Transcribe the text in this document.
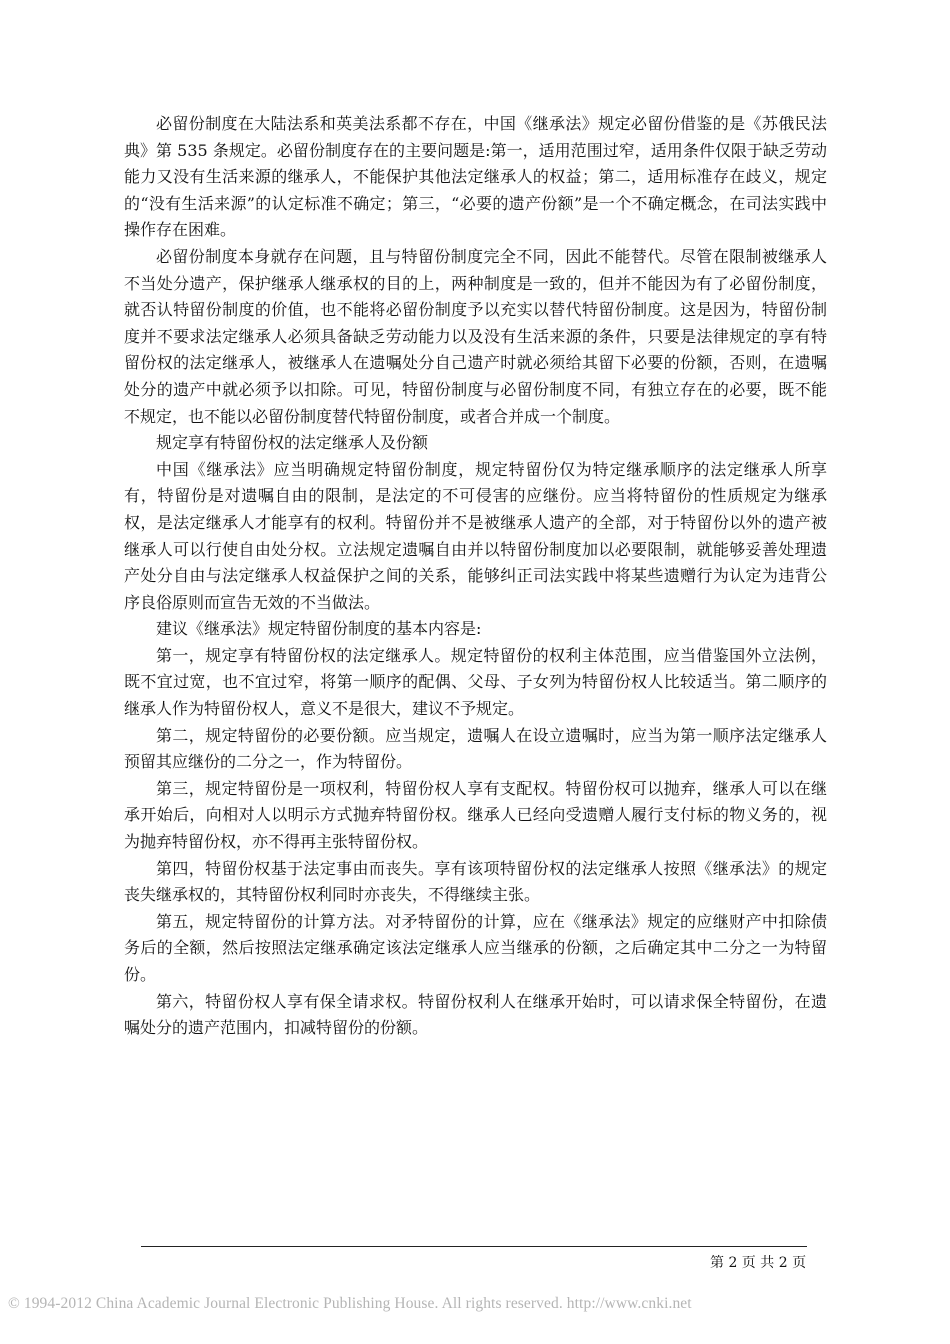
必留份制度在大陆法系和英美法系都不存在，中国《继承法》规定必留份借鉴的是《苏俄民法典》第 535 条规定。必留份制度存在的主要问题是:第一，适用范围过窄，适用条件仅限于缺乏劳动能力又没有生活来源的继承人，不能保护其他法定继承人的权益；第二，适用标准存在歧义，规定的“没有生活来源”的认定标准不确定；第三，“必要的遗产份额”是一个不确定概念，在司法实践中操作存在困难。

必留份制度本身就存在问题，且与特留份制度完全不同，因此不能替代。尽管在限制被继承人不当处分遗产，保护继承人继承权的目的上，两种制度是一致的，但并不能因为有了必留份制度，就否认特留份制度的价值，也不能将必留份制度予以充实以替代特留份制度。这是因为，特留份制度并不要求法定继承人必须具备缺乏劳动能力以及没有生活来源的条件，只要是法律规定的享有特留份权的法定继承人，被继承人在遗嘱处分自己遗产时就必须给其留下必要的份额，否则，在遗嘱处分的遗产中就必须予以扣除。可见，特留份制度与必留份制度不同，有独立存在的必要，既不能不规定，也不能以必留份制度替代特留份制度，或者合并成一个制度。

规定享有特留份权的法定继承人及份额

中国《继承法》应当明确规定特留份制度，规定特留份仅为特定继承顺序的法定继承人所享有，特留份是对遗嘱自由的限制，是法定的不可侵害的应继份。应当将特留份的性质规定为继承权，是法定继承人才能享有的权利。特留份并不是被继承人遗产的全部，对于特留份以外的遗产被继承人可以行使自由处分权。立法规定遗嘱自由并以特留份制度加以必要限制，就能够妥善处理遗产处分自由与法定继承人权益保护之间的关系，能够纠正司法实践中将某些遗赠行为认定为违背公序良俗原则而宣告无效的不当做法。

建议《继承法》规定特留份制度的基本内容是:

第一，规定享有特留份权的法定继承人。规定特留份的权利主体范围，应当借鉴国外立法例，既不宜过宽，也不宜过窄，将第一顺序的配偶、父母、子女列为特留份权人比较适当。第二顺序的继承人作为特留份权人，意义不是很大，建议不予规定。

第二，规定特留份的必要份额。应当规定，遗嘱人在设立遗嘱时，应当为第一顺序法定继承人预留其应继份的二分之一，作为特留份。

第三，规定特留份是一项权利，特留份权人享有支配权。特留份权可以抛弃，继承人可以在继承开始后，向相对人以明示方式抛弃特留份权。继承人已经向受遗赠人履行支付标的物义务的，视为抛弃特留份权，亦不得再主张特留份权。

第四，特留份权基于法定事由而丧失。享有该项特留份权的法定继承人按照《继承法》的规定丧失继承权的，其特留份权利同时亦丧失，不得继续主张。

第五，规定特留份的计算方法。对矛特留份的计算，应在《继承法》规定的应继财产中扣除债务后的全额，然后按照法定继承确定该法定继承人应当继承的份额，之后确定其中二分之一为特留份。

第六，特留份权人享有保全请求权。特留份权利人在继承开始时，可以请求保全特留份，在遗嘱处分的遗产范围内，扣减特留份的份额。

第 2 页 共 2 页
© 1994-2012 China Academic Journal Electronic Publishing House. All rights reserved. http://www.cnki.net
